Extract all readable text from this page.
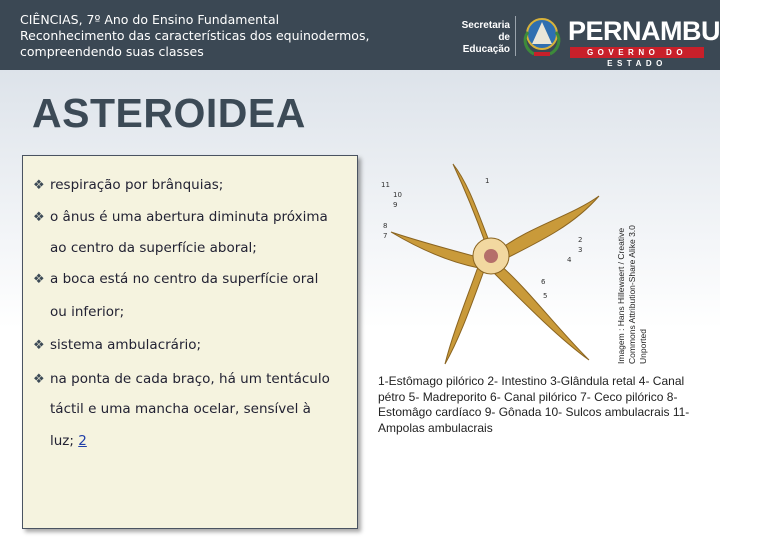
CIÊNCIAS, 7º Ano do Ensino Fundamental
Reconhecimento das características dos equinodermos,
compreendendo suas classes
Secretaria de
Educação
PERNAMBUCO
GOVERNO DO ESTADO
ASTEROIDEA
❖ respiração por brânquias;
❖ o ânus é uma abertura diminuta próxima
ao centro da superfície aboral;
❖ a boca está no centro da superfície oral
ou inferior;
❖ sistema ambulacrário;
❖ na ponta de cada braço, há um tentáculo
táctil e uma mancha ocelar, sensível à
luz; 2
11
10
9
1
8
7	2
3
4
6
5	Imagem : Hans Hillewaert / Creative Commons Attribution-Share Alike 3.0 Unported
1-Estômago pilórico 2- Intestino 3-Glândula retal 4- Canal pétro 5- Madreporito 6- Canal pilórico 7- Ceco pilórico 8- Estomâgo cardíaco 9- Gônada 10- Sulcos ambulacrais 11- Ampolas ambulacrais
